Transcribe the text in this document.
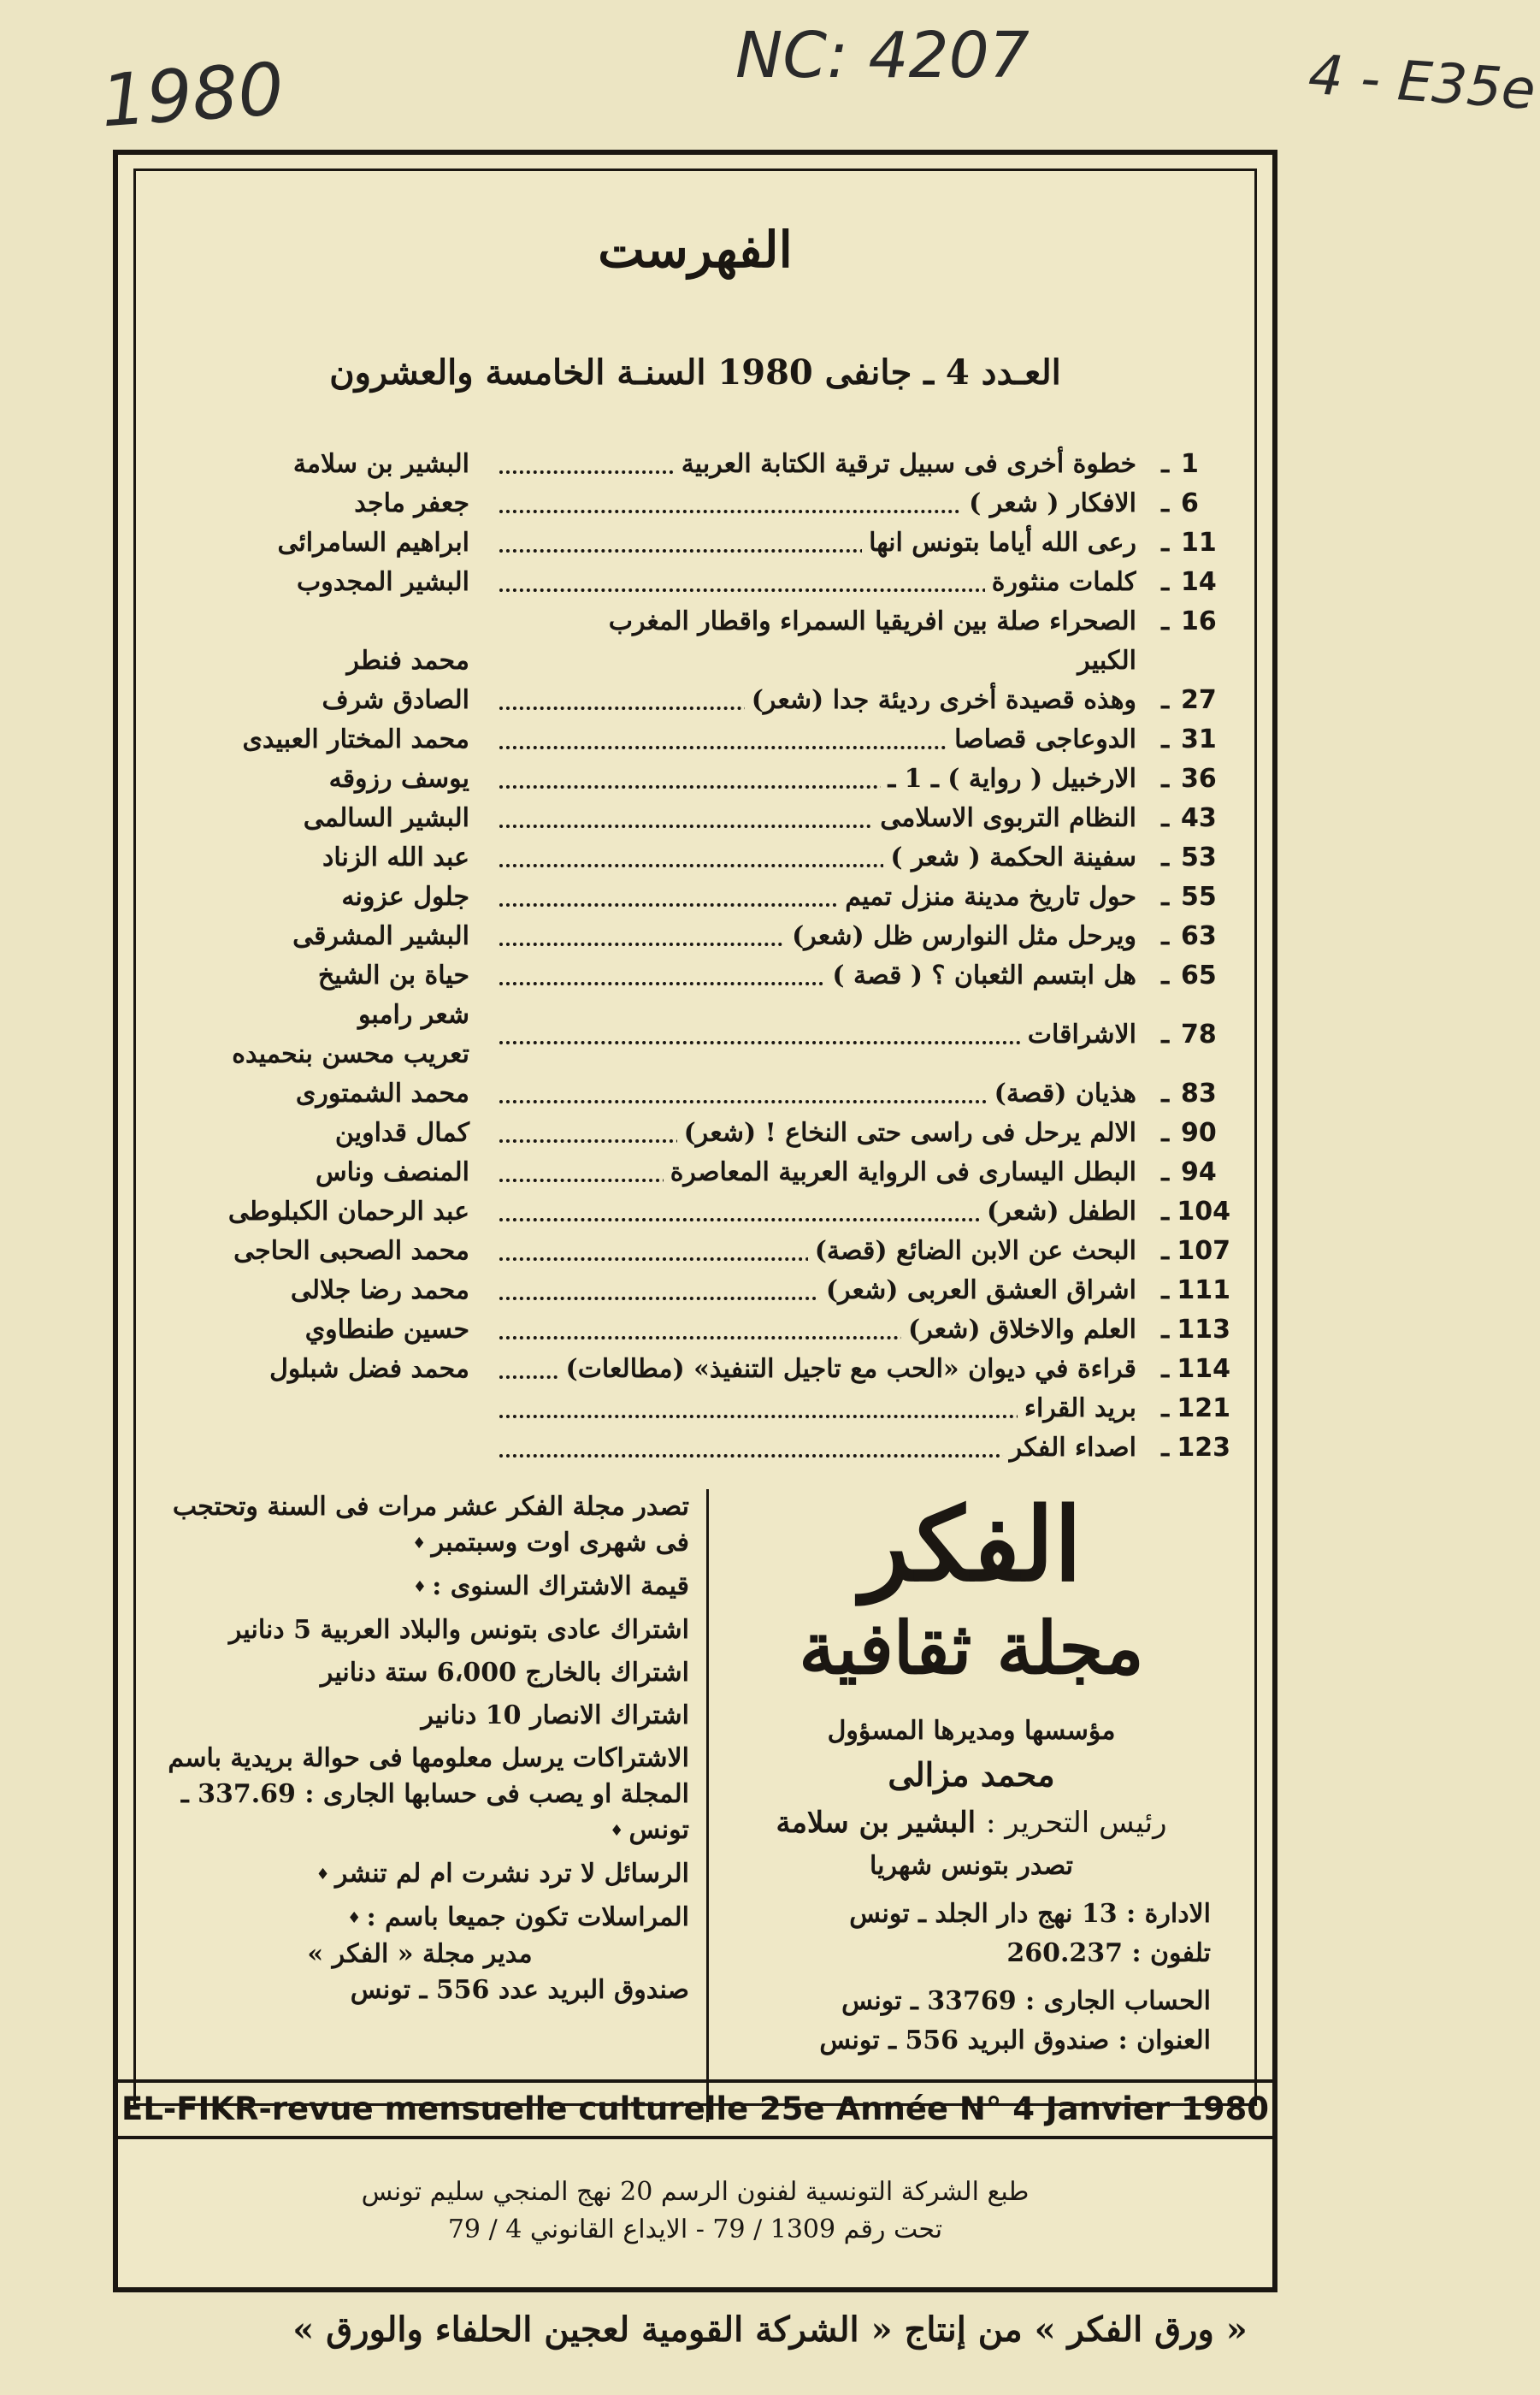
1980	NC: 4207	4 - E35e
الفهرست
العـدد 4 ـ جانفى 1980 السنـة الخامسة والعشرون
1
ـ
خطوة أخرى فى سبيل ترقية الكتابة العربية
البشير بن سلامة
6
ـ
الافكار ( شعر )
جعفر ماجد
11
ـ
رعى الله أياما بتونس انها
ابراهيم السامرائى
14
ـ
كلمات منثورة
البشير المجدوب
16
ـ
الصحراء صلة بين افريقيا السمراء واقطار المغرب
الكبير
محمد فنطر
27
ـ
وهذه قصيدة أخرى رديئة جدا (شعر)
الصادق شرف
31
ـ
الدوعاجى قصاصا
محمد المختار العبيدى
36
ـ
الارخبيل ( رواية ) ـ 1 ـ
يوسف رزوقه
43
ـ
النظام التربوى الاسلامى
البشير السالمى
53
ـ
سفينة الحكمة ( شعر )
عبد الله الزناد
55
ـ
حول تاريخ مدينة منزل تميم
جلول عزونه
63
ـ
ويرحل مثل النوارس ظل (شعر)
البشير المشرقى
65
ـ
هل ابتسم الثعبان ؟ ( قصة )
حياة بن الشيخ
78
ـ
الاشراقات
شعر رامبو
تعريب محسن بنحميده
83
ـ
هذيان (قصة)
محمد الشمتورى
90
ـ
الالم يرحل فى راسى حتى النخاع ! (شعر)
كمال قداوين
94
ـ
البطل اليسارى فى الرواية العربية المعاصرة
المنصف وناس
104
ـ
الطفل (شعر)
عبد الرحمان الكبلوطى
107
ـ
البحث عن الابن الضائع (قصة)
محمد الصحبى الحاجى
111
ـ
اشراق العشق العربى (شعر)
محمد رضا جلالى
113
ـ
العلم والاخلاق (شعر)
حسين طنطاوي
114
ـ
قراءة في ديوان «الحب مع تاجيل التنفيذ» (مطالعات)
محمد فضل شبلول
121
ـ
بريد القراء
123
ـ
اصداء الفكر

تصدر مجلة الفكر عشر مرات فى السنة وتحتجب فى شهرى اوت وسبتمبر ♦

قيمة الاشتراك السنوى : ♦

اشتراك عادى بتونس والبلاد العربية 5 دنانير

اشتراك بالخارج 6،000 ستة دنانير

اشتراك الانصار 10 دنانير

الاشتراكات يرسل معلومها فى حوالة بريدية باسم المجلة او يصب فى حسابها الجارى : 337.69 ـ تونس ♦

الرسائل لا ترد نشرت ام لم تنشر ♦

المراسلات تكون جميعا باسم : ♦

مدير مجلة « الفكر »

صندوق البريد عدد 556 ـ تونس

الفكر
مجلة ثقافية
مؤسسها ومديرها المسؤول
محمد مزالى
رئيس التحرير : البشير بن سلامة
تصدر بتونس شهريا
الادارة : 13 نهج دار الجلد ـ تونس
تلفون : 260.237
الحساب الجارى : 33769 ـ تونس
العنوان : صندوق البريد 556 ـ تونس
EL-FIKR-revue mensuelle culturelle 25e Année N° 4 Janvier 1980
طبع الشركة التونسية لفنون الرسم 20 نهج المنجي سليم تونس
تحت رقم 1309 / 79 - الايداع القانوني 4 / 79
« ورق الفكر » من إنتاج « الشركة القومية لعجين الحلفاء والورق »
